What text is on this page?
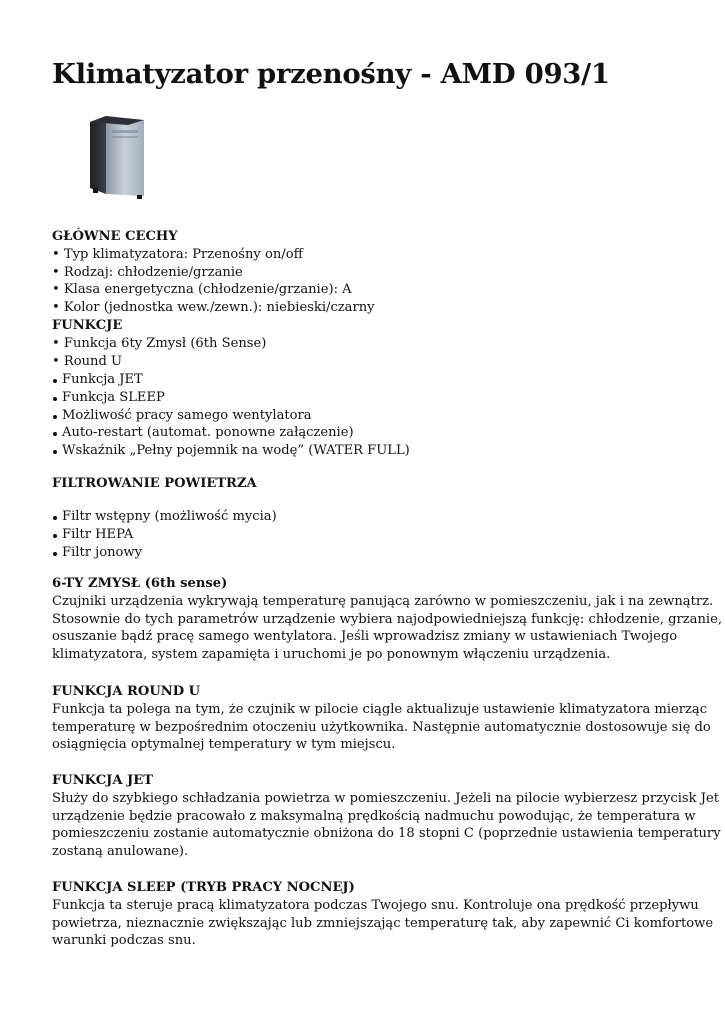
Klimatyzator przenośny - AMD 093/1
GŁÓWNE CECHY
• Typ klimatyzatora: Przenośny on/off
• Rodzaj: chłodzenie/grzanie
• Klasa energetyczna (chłodzenie/grzanie): A
• Kolor (jednostka wew./zewn.): niebieski/czarny
FUNKCJE
• Funkcja 6ty Zmysł (6th Sense)
• Round U
Funkcja JET
Funkcja SLEEP
Możliwość pracy samego wentylatora
Auto-restart (automat. ponowne załączenie)
Wskaźnik „Pełny pojemnik na wodę” (WATER FULL)
FILTROWANIE POWIETRZA
Filtr wstępny (możliwość mycia)
Filtr HEPA
Filtr jonowy
6-TY ZMYSŁ (6th sense)

Czujniki urządzenia wykrywają temperaturę panującą zarówno w pomieszczeniu, jak i na zewnątrz.

Stosownie do tych parametrów urządzenie wybiera najodpowiedniejszą funkcję: chłodzenie, grzanie,

osuszanie bądź pracę samego wentylatora. Jeśli wprowadzisz zmiany w ustawieniach Twojego

klimatyzatora, system zapamięta i uruchomi je po ponownym włączeniu urządzenia.

FUNKCJA ROUND U

Funkcja ta polega na tym, że czujnik w pilocie ciągle aktualizuje ustawienie klimatyzatora mierząc

temperaturę w bezpośrednim otoczeniu użytkownika. Następnie automatycznie dostosowuje się do

osiągnięcia optymalnej temperatury w tym miejscu.

FUNKCJA JET

Służy do szybkiego schładzania powietrza w pomieszczeniu. Jeżeli na pilocie wybierzesz przycisk Jet

urządzenie będzie pracowało z maksymalną prędkością nadmuchu powodując, że temperatura w

pomieszczeniu zostanie automatycznie obniżona do 18 stopni C (poprzednie ustawienia temperatury

zostaną anulowane).

FUNKCJA SLEEP (TRYB PRACY NOCNEJ)

Funkcja ta steruje pracą klimatyzatora podczas Twojego snu. Kontroluje ona prędkość przepływu

powietrza, nieznacznie zwiększając lub zmniejszając temperaturę tak, aby zapewnić Ci komfortowe

warunki podczas snu.
